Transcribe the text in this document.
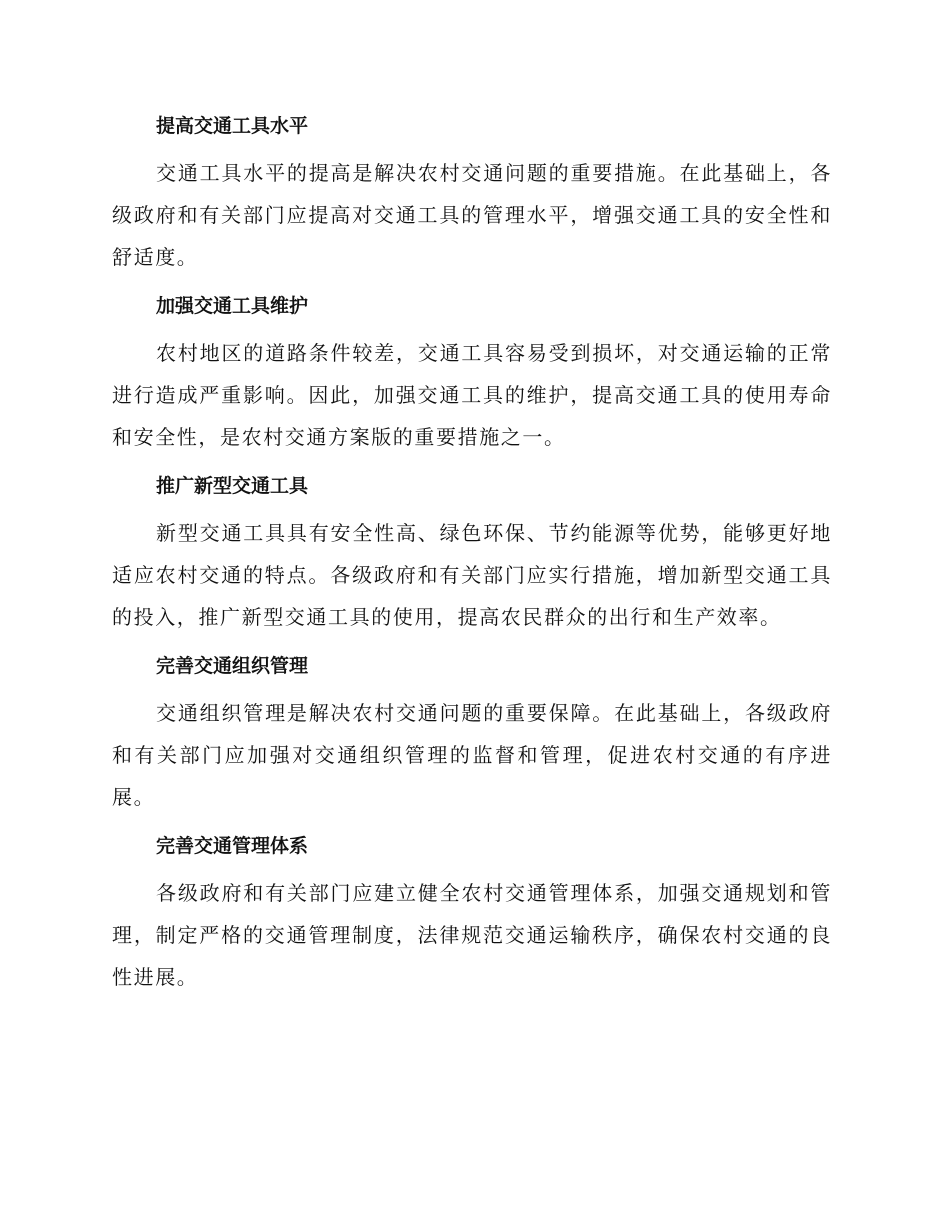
提高交通工具水平

交通工具水平的提高是解决农村交通问题的重要措施。在此基础上，各级政府和有关部门应提高对交通工具的管理水平，增强交通工具的安全性和舒适度。

加强交通工具维护

农村地区的道路条件较差，交通工具容易受到损坏，对交通运输的正常进行造成严重影响。因此，加强交通工具的维护，提高交通工具的使用寿命和安全性，是农村交通方案版的重要措施之一。

推广新型交通工具

新型交通工具具有安全性高、绿色环保、节约能源等优势，能够更好地适应农村交通的特点。各级政府和有关部门应实行措施，增加新型交通工具的投入，推广新型交通工具的使用，提高农民群众的出行和生产效率。

完善交通组织管理

交通组织管理是解决农村交通问题的重要保障。在此基础上，各级政府和有关部门应加强对交通组织管理的监督和管理，促进农村交通的有序进展。

完善交通管理体系

各级政府和有关部门应建立健全农村交通管理体系，加强交通规划和管理，制定严格的交通管理制度，法律规范交通运输秩序，确保农村交通的良性进展。
